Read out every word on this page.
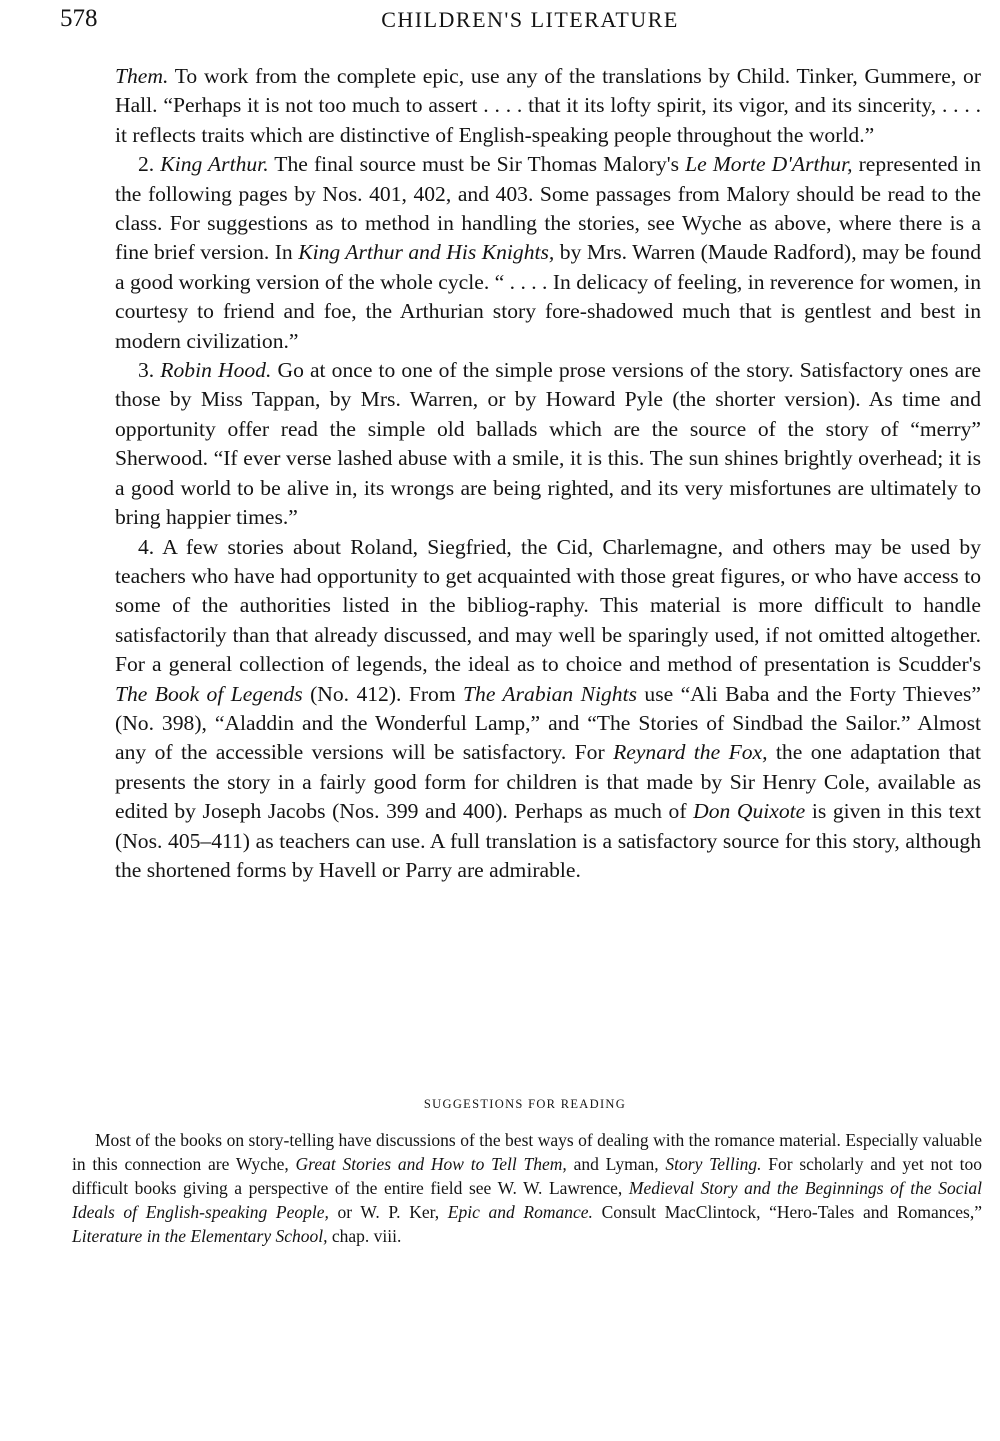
578	CHILDREN'S LITERATURE

Them. To work from the complete epic, use any of the translations by Child. Tinker, Gummere, or Hall. “Perhaps it is not too much to assert . . . . that it its lofty spirit, its vigor, and its sincerity, . . . . it reflects traits which are distinctive of English-speaking people throughout the world.”

2. King Arthur. The final source must be Sir Thomas Malory's Le Morte D'Arthur, represented in the following pages by Nos. 401, 402, and 403. Some passages from Malory should be read to the class. For suggestions as to method in handling the stories, see Wyche as above, where there is a fine brief version. In King Arthur and His Knights, by Mrs. Warren (Maude Radford), may be found a good working version of the whole cycle. “ . . . . In delicacy of feeling, in reverence for women, in courtesy to friend and foe, the Arthurian story fore-shadowed much that is gentlest and best in modern civilization.”

3. Robin Hood. Go at once to one of the simple prose versions of the story. Satisfactory ones are those by Miss Tappan, by Mrs. Warren, or by Howard Pyle (the shorter version). As time and opportunity offer read the simple old ballads which are the source of the story of “merry” Sherwood. “If ever verse lashed abuse with a smile, it is this. The sun shines brightly overhead; it is a good world to be alive in, its wrongs are being righted, and its very misfortunes are ultimately to bring happier times.”

4. A few stories about Roland, Siegfried, the Cid, Charlemagne, and others may be used by teachers who have had opportunity to get acquainted with those great figures, or who have access to some of the authorities listed in the bibliog-raphy. This material is more difficult to handle satisfactorily than that already discussed, and may well be sparingly used, if not omitted altogether. For a general collection of legends, the ideal as to choice and method of presentation is Scudder's The Book of Legends (No. 412). From The Arabian Nights use “Ali Baba and the Forty Thieves” (No. 398), “Aladdin and the Wonderful Lamp,” and “The Stories of Sindbad the Sailor.” Almost any of the accessible versions will be satisfactory. For Reynard the Fox, the one adaptation that presents the story in a fairly good form for children is that made by Sir Henry Cole, available as edited by Joseph Jacobs (Nos. 399 and 400). Perhaps as much of Don Quixote is given in this text (Nos. 405–411) as teachers can use. A full translation is a satisfactory source for this story, although the shortened forms by Havell or Parry are admirable.

SUGGESTIONS FOR READING

Most of the books on story-telling have discussions of the best ways of dealing with the romance material. Especially valuable in this connection are Wyche, Great Stories and How to Tell Them, and Lyman, Story Telling. For scholarly and yet not too difficult books giving a perspective of the entire field see W. W. Lawrence, Medieval Story and the Beginnings of the Social Ideals of English-speaking People, or W. P. Ker, Epic and Romance. Consult MacClintock, “Hero-Tales and Romances,” Literature in the Elementary School, chap. viii.
